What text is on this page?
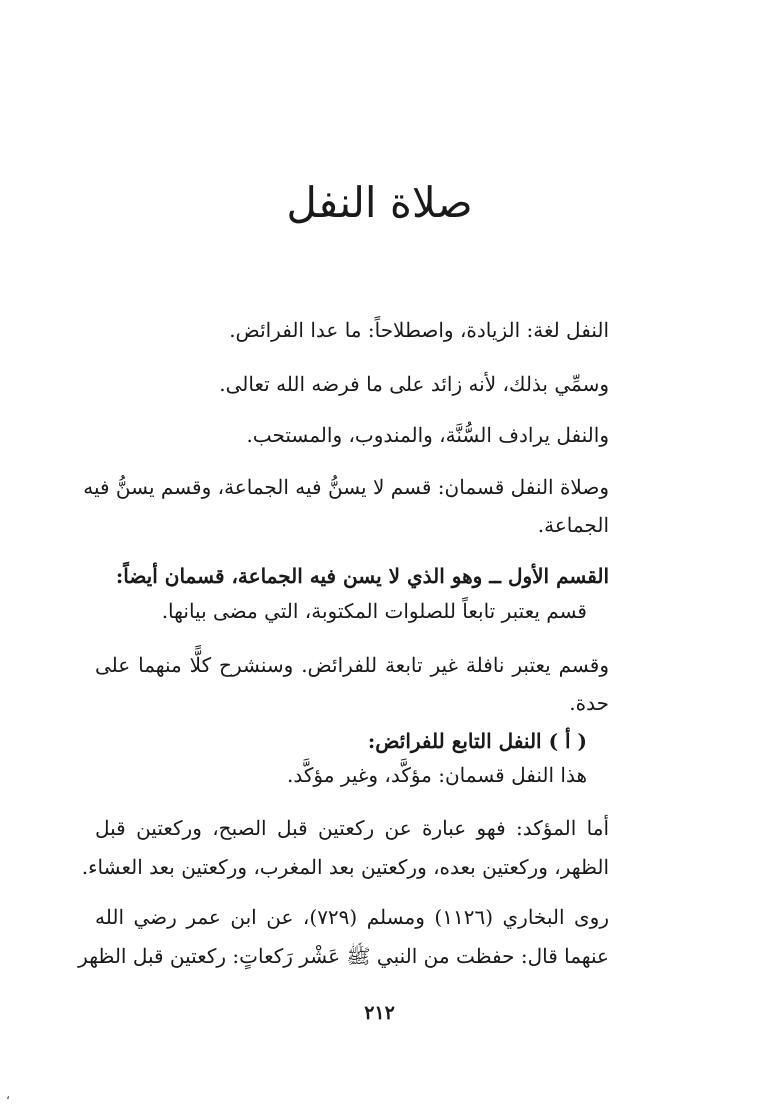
صلاة النفل
النفل لغة: الزيادة، واصطلاحاً: ما عدا الفرائض.
وسمِّي بذلك، لأنه زائد على ما فرضه الله تعالى.
والنفل يرادف السُّنَّة، والمندوب، والمستحب.
وصلاة النفل قسمان: قسم لا يسنُّ فيه الجماعة، وقسم يسنُّ فيه
الجماعة.
القسم الأول ــ وهو الذي لا يسن فيه الجماعة، قسمان أيضاً:
قسم يعتبر تابعاً للصلوات المكتوبة، التي مضى بيانها.
وقسم يعتبر نافلة غير تابعة للفرائض. وسنشرح كلًّا منهما على
حدة.
( أ ) النفل التابع للفرائض:
هذا النفل قسمان: مؤكَّد، وغير مؤكَّد.
أما المؤكد: فهو عبارة عن ركعتين قبل الصبح، وركعتين قبل
الظهر، وركعتين بعده، وركعتين بعد المغرب، وركعتين بعد العشاء.
روى البخاري (١١٢٦) ومسلم (٧٢٩)، عن ابن عمر رضي الله
عنهما قال: حفظت من النبي ﷺ عَشْر رَكعاتٍ: ركعتين قبل الظهر
٢١٢
،
